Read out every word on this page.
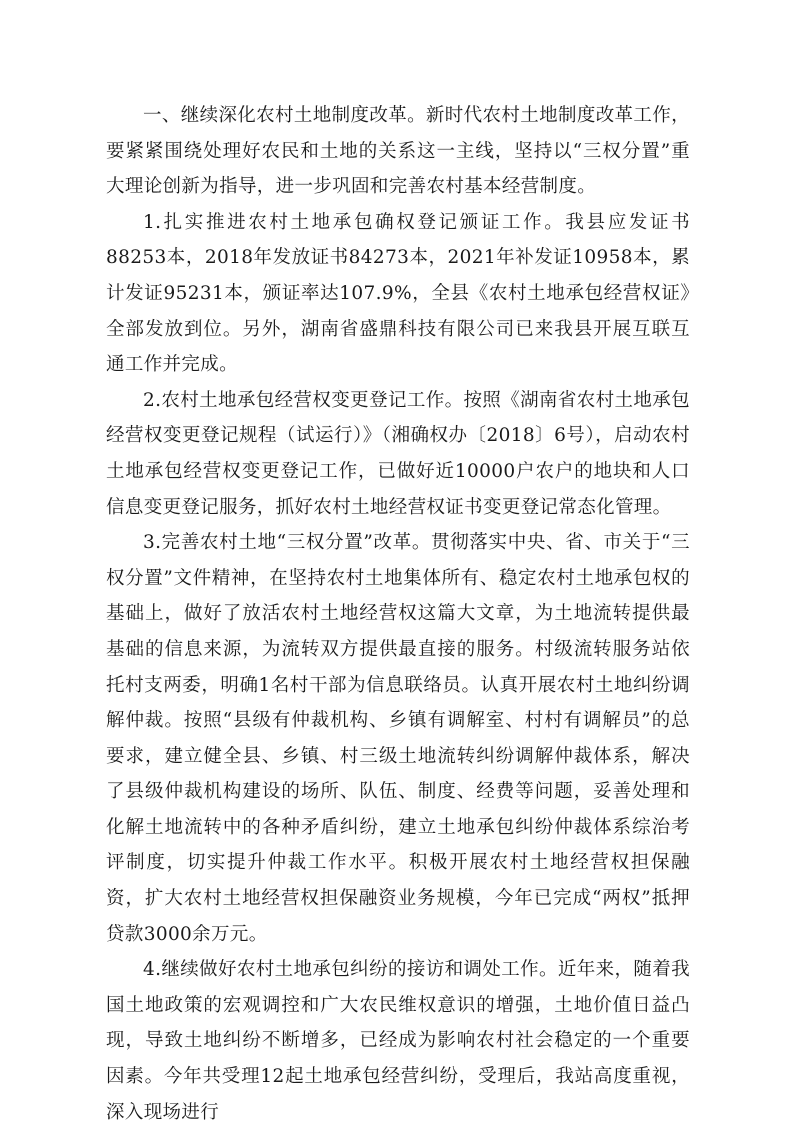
一、继续深化农村土地制度改革。新时代农村土地制度改革工作，要紧紧围绕处理好农民和土地的关系这一主线，坚持以“三权分置”重大理论创新为指导，进一步巩固和完善农村基本经营制度。

1.扎实推进农村土地承包确权登记颁证工作。我县应发证书88253本，2018年发放证书84273本，2021年补发证10958本，累计发证95231本，颁证率达107.9%，全县《农村土地承包经营权证》全部发放到位。另外，湖南省盛鼎科技有限公司已来我县开展互联互通工作并完成。

2.农村土地承包经营权变更登记工作。按照《湖南省农村土地承包经营权变更登记规程（试运行）》（湘确权办〔2018〕6号），启动农村土地承包经营权变更登记工作，已做好近10000户农户的地块和人口信息变更登记服务，抓好农村土地经营权证书变更登记常态化管理。

3.完善农村土地“三权分置”改革。贯彻落实中央、省、市关于“三权分置”文件精神，在坚持农村土地集体所有、稳定农村土地承包权的基础上，做好了放活农村土地经营权这篇大文章，为土地流转提供最基础的信息来源，为流转双方提供最直接的服务。村级流转服务站依托村支两委，明确1名村干部为信息联络员。认真开展农村土地纠纷调解仲裁。按照“县级有仲裁机构、乡镇有调解室、村村有调解员”的总要求，建立健全县、乡镇、村三级土地流转纠纷调解仲裁体系，解决了县级仲裁机构建设的场所、队伍、制度、经费等问题，妥善处理和化解土地流转中的各种矛盾纠纷，建立土地承包纠纷仲裁体系综治考评制度，切实提升仲裁工作水平。积极开展农村土地经营权担保融资，扩大农村土地经营权担保融资业务规模，今年已完成“两权”抵押贷款3000余万元。

4.继续做好农村土地承包纠纷的接访和调处工作。近年来，随着我国土地政策的宏观调控和广大农民维权意识的增强，土地价值日益凸现，导致土地纠纷不断增多，已经成为影响农村社会稳定的一个重要因素。今年共受理12起土地承包经营纠纷，受理后，我站高度重视，深入现场进行
